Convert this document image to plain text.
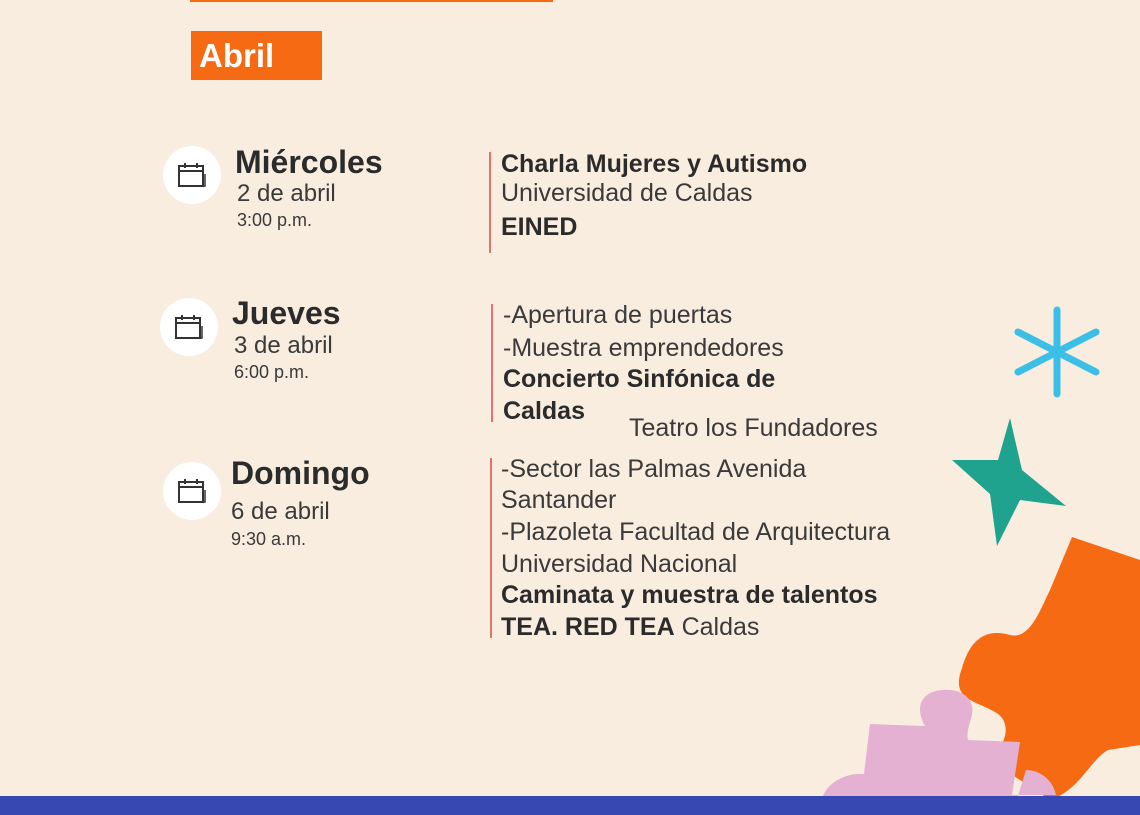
Abril
Miércoles
2 de abril
3:00 p.m.
Charla Mujeres y Autismo
Universidad de Caldas
EINED
Jueves
3 de abril
6:00 p.m.
-Apertura de puertas
-Muestra emprendedores
Concierto Sinfónica de
Caldas
Teatro los Fundadores
Domingo
6 de abril
9:30 a.m.
-Sector las Palmas Avenida
Santander
-Plazoleta Facultad de Arquitectura
Universidad Nacional
Caminata y muestra de talentos
TEA. RED TEA Caldas
